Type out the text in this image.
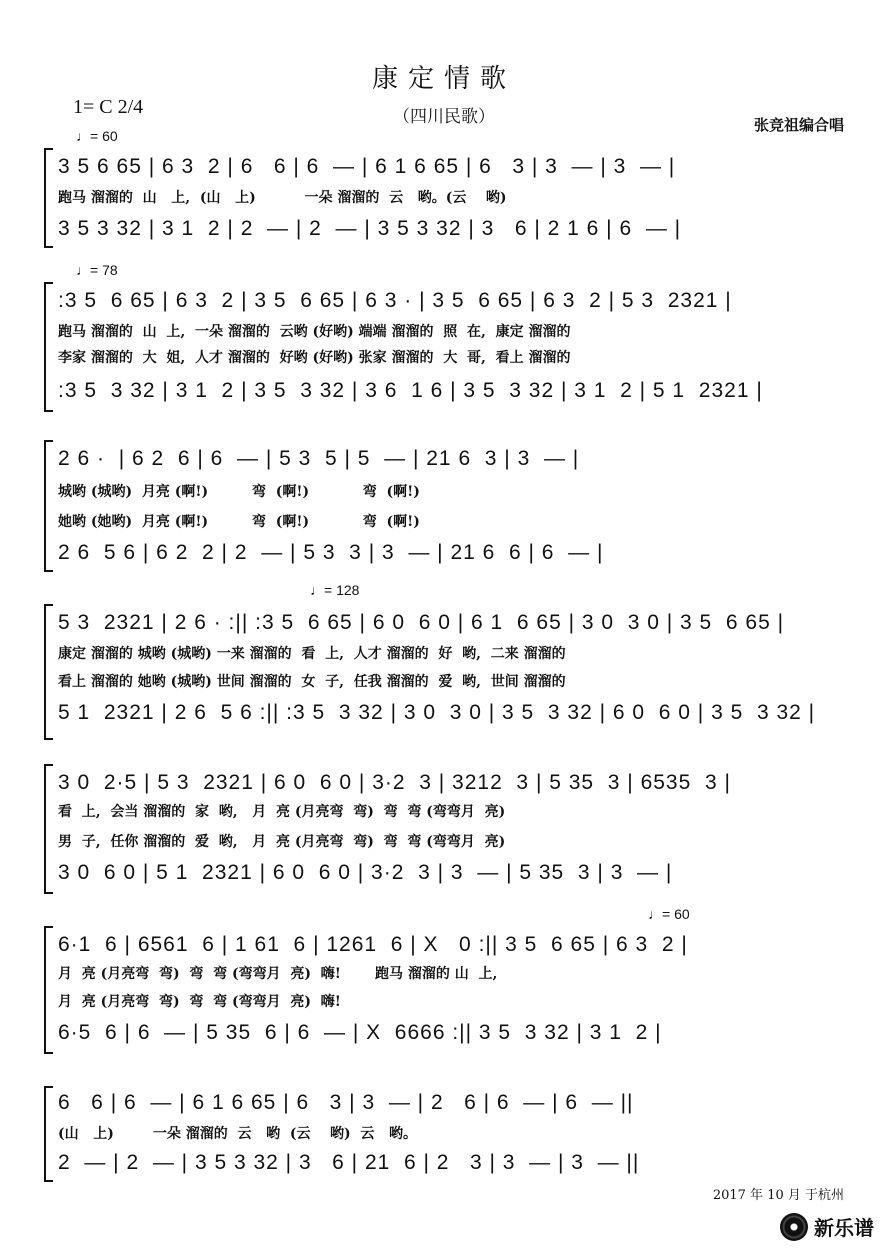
康定情歌
（四川民歌）
1= C 2/4
张竞祖编合唱
♩= 60
♩= 78
♩= 128
♩= 60
3 5 6 65 | 6 3  2 | 6   6 | 6  — | 6 1 6 65 | 6   3 | 3  — | 3  — |
跑马 溜溜的  山   上,  (山   上)          一朵 溜溜的  云   哟。(云    哟)
3 5 3 32 | 3 1  2 | 2  — | 2  — | 3 5 3 32 | 3   6 | 2 1 6 | 6  — |
:3 5  6 65 | 6 3  2 | 3 5  6 65 | 6 3 · | 3 5  6 65 | 6 3  2 | 5 3  2321 |
跑马 溜溜的  山  上,  一朵 溜溜的  云哟 (好哟) 端端 溜溜的  照  在,  康定 溜溜的
李家 溜溜的  大  姐,  人才 溜溜的  好哟 (好哟) 张家 溜溜的  大  哥,  看上 溜溜的
:3 5  3 32 | 3 1  2 | 3 5  3 32 | 3 6  1 6 | 3 5  3 32 | 3 1  2 | 5 1  2321 |
2 6 ·  | 6 2  6 | 6  — | 5 3  5 | 5  — | 21 6  3 | 3  — |
城哟 (城哟)  月亮 (啊!)         弯  (啊!)           弯  (啊!)
她哟 (她哟)  月亮 (啊!)         弯  (啊!)           弯  (啊!)
2 6  5 6 | 6 2  2 | 2  — | 5 3  3 | 3  — | 21 6  6 | 6  — |
5 3  2321 | 2 6 · :|| :3 5  6 65 | 6 0  6 0 | 6 1  6 65 | 3 0  3 0 | 3 5  6 65 |
康定 溜溜的 城哟 (城哟) 一来 溜溜的  看  上,  人才 溜溜的  好  哟,  二来 溜溜的
看上 溜溜的 她哟 (城哟) 世间 溜溜的  女  子,  任我 溜溜的  爱  哟,  世间 溜溜的
5 1  2321 | 2 6  5 6 :|| :3 5  3 32 | 3 0  3 0 | 3 5  3 32 | 6 0  6 0 | 3 5  3 32 |
3 0  2·5 | 5 3  2321 | 6 0  6 0 | 3·2  3 | 3212  3 | 5 35  3 | 6535  3 |
看  上,  会当 溜溜的  家  哟,   月  亮 (月亮弯  弯)  弯  弯 (弯弯月  亮)
男  子,  任你 溜溜的  爱  哟,   月  亮 (月亮弯  弯)  弯  弯 (弯弯月  亮)
3 0  6 0 | 5 1  2321 | 6 0  6 0 | 3·2  3 | 3  — | 5 35  3 | 3  — |
6·1  6 | 6561  6 | 1 61  6 | 1261  6 | X   0 :|| 3 5  6 65 | 6 3  2 |
月  亮 (月亮弯  弯)  弯  弯 (弯弯月  亮)  嗨!       跑马 溜溜的 山  上,
月  亮 (月亮弯  弯)  弯  弯 (弯弯月  亮)  嗨!
6·5  6 | 6  — | 5 35  6 | 6  — | X  6666 :|| 3 5  3 32 | 3 1  2 |
6   6 | 6  — | 6 1 6 65 | 6   3 | 3  — | 2   6 | 6  — | 6  — ||
(山   上)        一朵 溜溜的  云   哟  (云    哟)  云   哟。
2  — | 2  — | 3 5 3 32 | 3   6 | 21  6 | 2   3 | 3  — | 3  — ||
2017 年 10 月 于杭州
新乐谱
